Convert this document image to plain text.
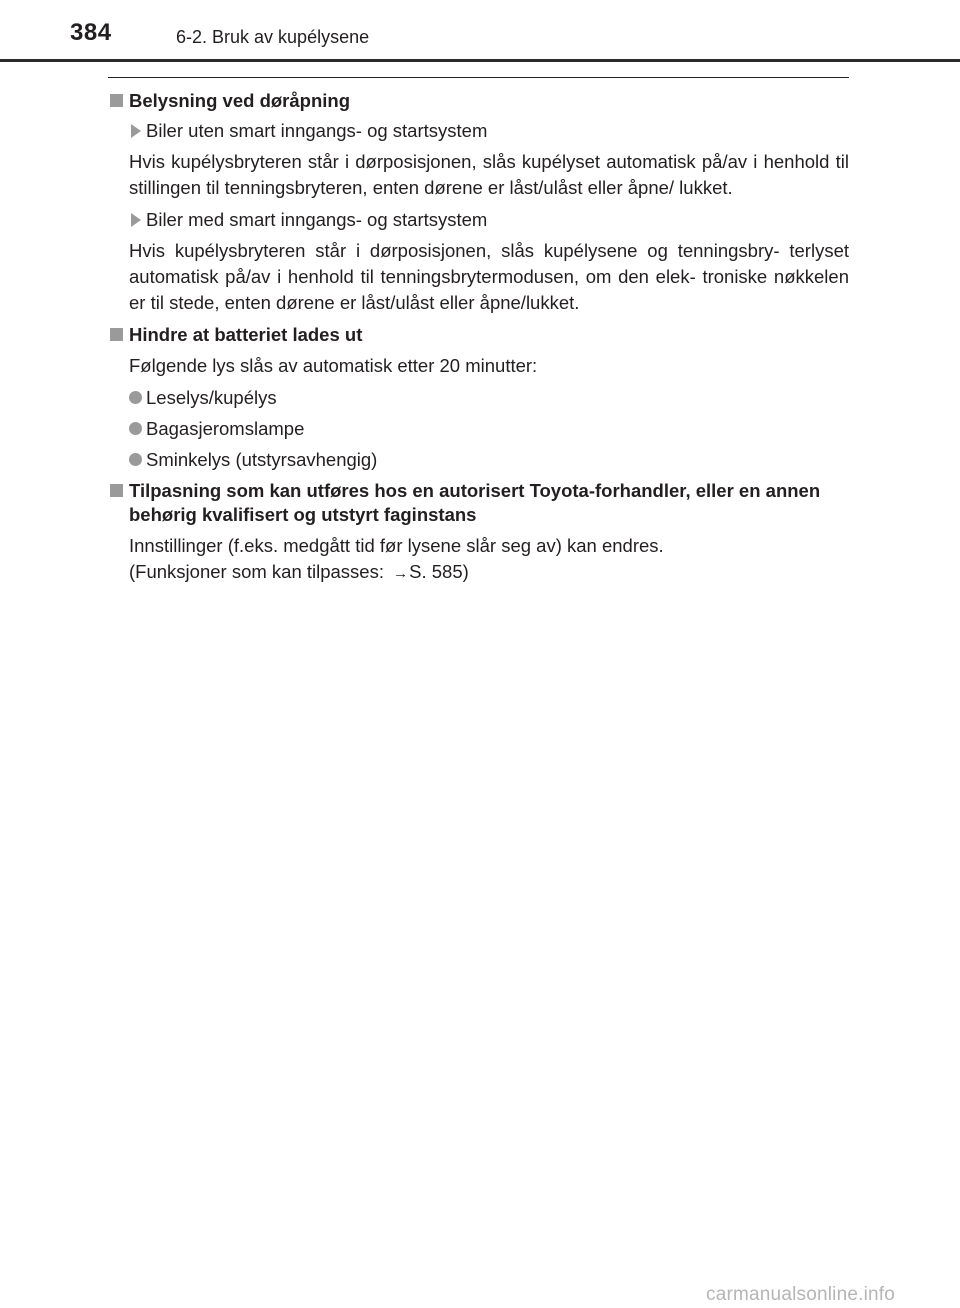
384	6-2. Bruk av kupélysene
Belysning ved døråpning
Biler uten smart inngangs- og startsystem
Hvis kupélysbryteren står i dørposisjonen, slås kupélyset automatisk på/av i henhold til stillingen til tenningsbryteren, enten dørene er låst/ulåst eller åpne/ lukket.
Biler med smart inngangs- og startsystem
Hvis kupélysbryteren står i dørposisjonen, slås kupélysene og tenningsbry- terlyset automatisk på/av i henhold til tenningsbrytermodusen, om den elek- troniske nøkkelen er til stede, enten dørene er låst/ulåst eller åpne/lukket.
Hindre at batteriet lades ut
Følgende lys slås av automatisk etter 20 minutter:
Leselys/kupélys
Bagasjeromslampe
Sminkelys (utstyrsavhengig)
Tilpasning som kan utføres hos en autorisert Toyota-forhandler, eller en annen behørig kvalifisert og utstyrt faginstans
Innstillinger (f.eks. medgått tid før lysene slår seg av) kan endres.
(Funksjoner som kan tilpasses: →S. 585)
carmanualsonline.info
